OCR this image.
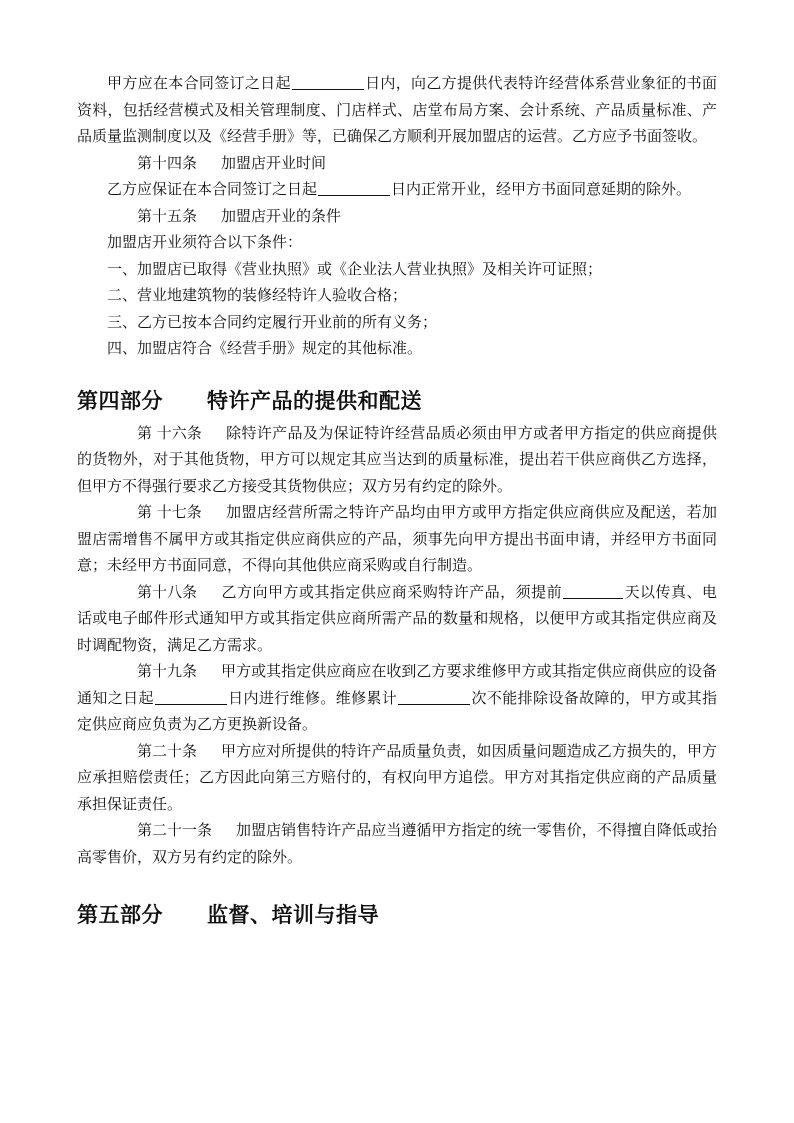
甲方应在本合同签订之日起	日内，向乙方提供代表特许经营体系营业象征的书面资料，包括经营模式及相关管理制度、门店样式、店堂布局方案、会计系统、产品质量标准、产品质量监测制度以及《经营手册》等，已确保乙方顺利开展加盟店的运营。乙方应予书面签收。

第十四条 加盟店开业时间

乙方应保证在本合同签订之日起	日内正常开业，经甲方书面同意延期的除外。

第十五条 加盟店开业的条件

加盟店开业须符合以下条件：

一、加盟店已取得《营业执照》或《企业法人营业执照》及相关许可证照；

二、营业地建筑物的装修经特许人验收合格；

三、乙方已按本合同约定履行开业前的所有义务；

四、加盟店符合《经营手册》规定的其他标准。

第四部分 特许产品的提供和配送

第 十六条 除特许产品及为保证特许经营品质必须由甲方或者甲方指定的供应商提供的货物外，对于其他货物，甲方可以规定其应当达到的质量标准，提出若干供应商供乙方选择，但甲方不得强行要求乙方接受其货物供应；双方另有约定的除外。

第 十七条 加盟店经营所需之特许产品均由甲方或甲方指定供应商供应及配送，若加盟店需增售不属甲方或其指定供应商供应的产品，须事先向甲方提出书面申请，并经甲方书面同意；未经甲方书面同意，不得向其他供应商采购或自行制造。

第十八条 乙方向甲方或其指定供应商采购特许产品，须提前	天以传真、电话或电子邮件形式通知甲方或其指定供应商所需产品的数量和规格，以便甲方或其指定供应商及时调配物资，满足乙方需求。

第十九条 甲方或其指定供应商应在收到乙方要求维修甲方或其指定供应商供应的设备通知之日起	日内进行维修。维修累计	次不能排除设备故障的，甲方或其指定供应商应负责为乙方更换新设备。

第二十条 甲方应对所提供的特许产品质量负责，如因质量问题造成乙方损失的，甲方应承担赔偿责任；乙方因此向第三方赔付的，有权向甲方追偿。甲方对其指定供应商的产品质量承担保证责任。

第二十一条 加盟店销售特许产品应当遵循甲方指定的统一零售价，不得擅自降低或抬高零售价，双方另有约定的除外。

第五部分 监督、培训与指导
